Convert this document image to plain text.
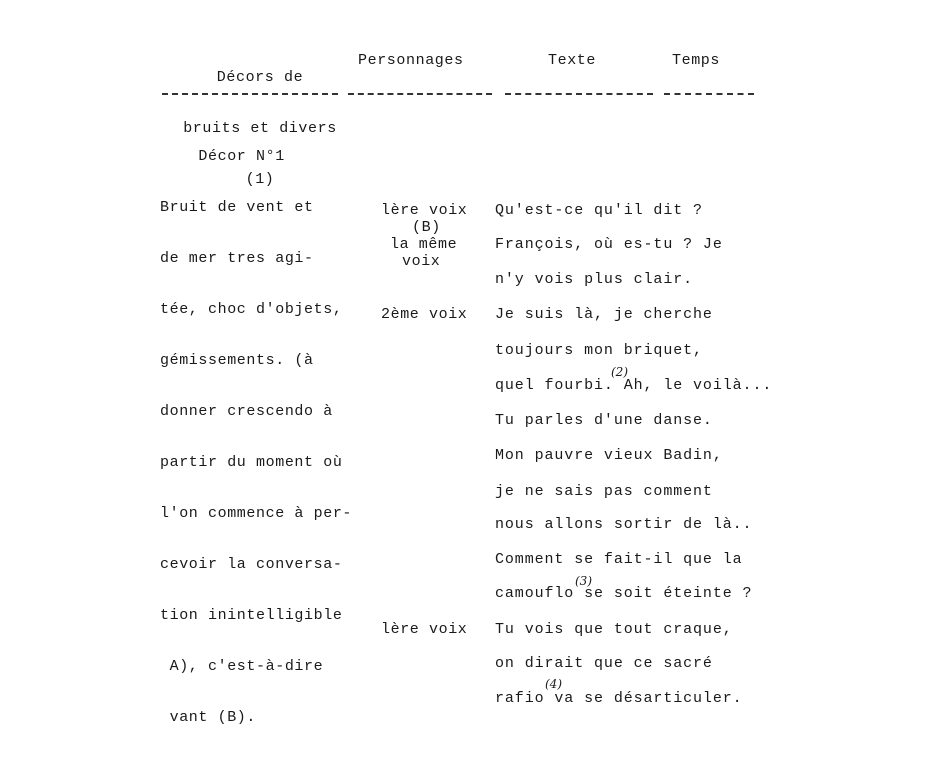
Décors de

bruits et divers

(1)

Personnages	Texte	Temps

Décor N°1

Bruit de vent et

de mer tres agi-

tée, choc d'objets,

gémissements. (à

donner crescendo à

partir du moment où

l'on commence à per-

cevoir la conversa-

tion inintelligible

A), c'est-à-dire

vant (B).

lère voix
(B)
la même
voix
2ème voix
lère voix
Qu'est-ce qu'il dit ?
François, où es-tu ? Je
n'y vois plus clair.
Je suis là, je cherche
toujours mon briquet,
quel fourbi. Ah, le voilà...
Tu parles d'une danse.
Mon pauvre vieux Badin,
je ne sais pas comment
nous allons sortir de là..
Comment se fait-il que la
camouflo se soit éteinte ?
Tu vois que tout craque,
on dirait que ce sacré
rafio va se désarticuler.
(2)
(3)
(4)
